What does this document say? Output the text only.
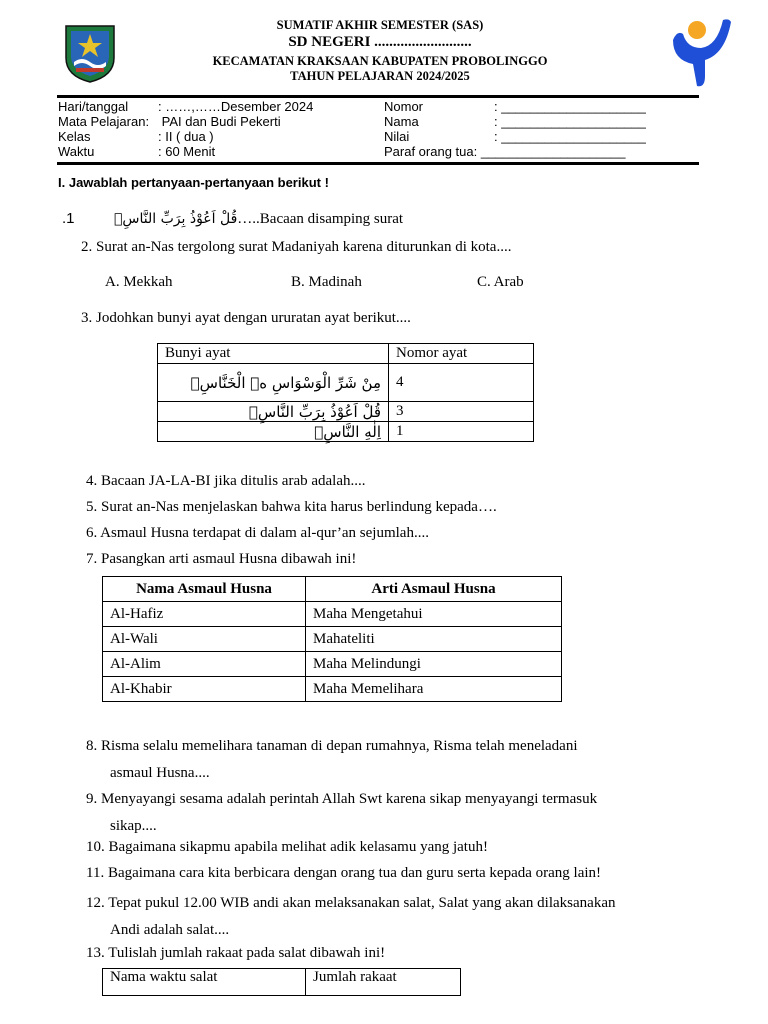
SUMATIF AKHIR SEMESTER (SAS)
SD NEGERI ..........................
KECAMATAN KRAKSAAN KABUPATEN PROBOLINGGO
TAHUN PELAJARAN 2024/2025
Hari/tanggal : ……,……Desember 2024
Mata Pelajaran: PAI dan Budi Pekerti
Kelas	: II ( dua )
Waktu	: 60 Menit
Nomor	: ____________________
Nama	: ____________________
Nilai	: ____________________
Paraf orang tua: ____________________
I. Jawablah pertanyaan-pertanyaan berikut !
.1	قُلْ اَعُوْذُ بِرَبِّ النَّاسِۙ…..Bacaan disamping surat
2. Surat an-Nas tergolong surat Madaniyah karena diturunkan di kota....
A. Mekkah	B. Madinah	C. Arab
3. Jodohkan bunyi ayat dengan ururatan ayat berikut....
Bunyi ayat	Nomor ayat
مِنْ شَرِّ الْوَسْوَاسِ ەۙ الْخَنَّاسِۖ	4
قُلْ اَعُوْذُ بِرَبِّ النَّاسِۙ	3
اِلٰهِ النَّاسِۙ	1
4. Bacaan JA-LA-BI jika ditulis arab adalah....
5. Surat an-Nas menjelaskan bahwa kita harus berlindung kepada….
6. Asmaul Husna terdapat di dalam al-qur’an sejumlah....
7. Pasangkan arti asmaul Husna dibawah ini!
Nama Asmaul Husna	Arti Asmaul Husna
Al-Hafiz	Maha Mengetahui
Al-Wali	Mahateliti
Al-Alim	Maha Melindungi
Al-Khabir	Maha Memelihara
8. Risma selalu memelihara tanaman di depan rumahnya, Risma telah meneladani
asmaul Husna....
9. Menyayangi sesama adalah perintah Allah Swt karena sikap menyayangi termasuk
sikap....
10. Bagaimana sikapmu apabila melihat adik kelasamu yang jatuh!
11. Bagaimana cara kita berbicara dengan orang tua dan guru serta kepada orang lain!
12. Tepat pukul 12.00 WIB andi akan melaksanakan salat, Salat yang akan dilaksanakan
Andi adalah salat....
13. Tulislah jumlah rakaat pada salat dibawah ini!
Nama waktu salat	Jumlah rakaat
